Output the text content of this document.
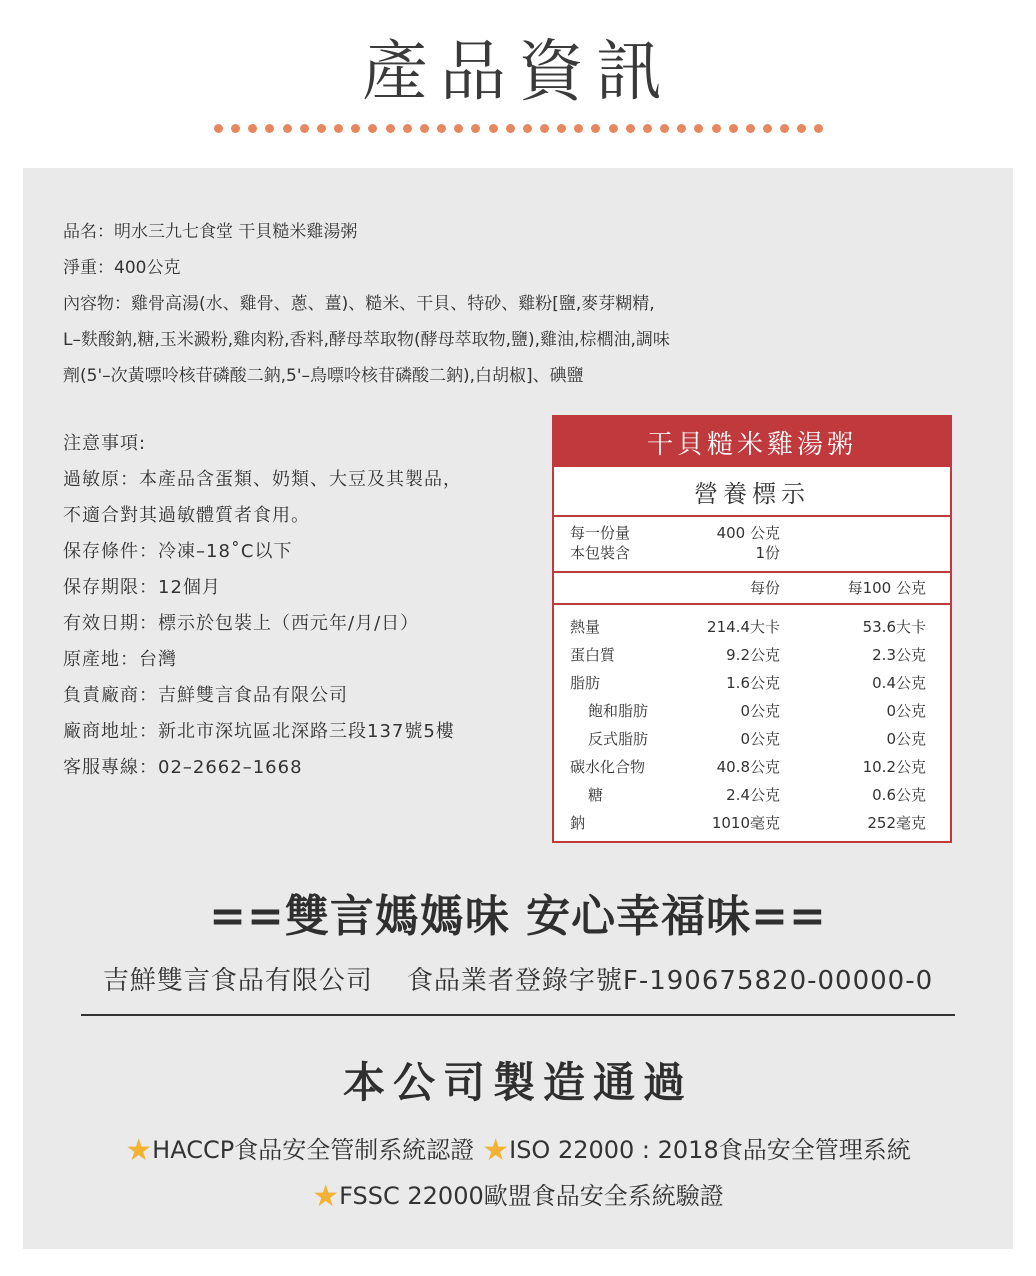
產品資訊
品名：明水三九七食堂 干貝糙米雞湯粥
淨重：400公克
內容物：雞骨高湯(水、雞骨、蔥、薑)、糙米、干貝、特砂、雞粉[鹽,麥芽糊精,
L–麩酸鈉,糖,玉米澱粉,雞肉粉,香料,酵母萃取物(酵母萃取物,鹽),雞油,棕櫚油,調味
劑(5'–次黃嘌呤核苷磷酸二鈉,5'–鳥嘌呤核苷磷酸二鈉),白胡椒]、碘鹽
注意事項:
過敏原：本產品含蛋類、奶類、大豆及其製品，
不適合對其過敏體質者食用。
保存條件：冷凍–18˚C以下
保存期限：12個月
有效日期：標示於包裝上（西元年/月/日）
原產地：台灣
負責廠商：吉鮮雙言食品有限公司
廠商地址：新北市深坑區北深路三段137號5樓
客服專線：02–2662–1668
干貝糙米雞湯粥
營養標示
每一份量	400 公克
本包裝含	1份
每份	每100 公克
熱量	214.4大卡	53.6大卡
蛋白質	9.2公克	2.3公克
脂肪	1.6公克	0.4公克
飽和脂肪	0公克	0公克
反式脂肪	0公克	0公克
碳水化合物	40.8公克	10.2公克
糖	2.4公克	0.6公克
鈉	1010毫克	252毫克
==雙言媽媽味 安心幸福味==
吉鮮雙言食品有限公司 食品業者登錄字號F-190675820-00000-0
本公司製造通過
★HACCP食品安全管制系統認證 ★ISO 22000 : 2018食品安全管理系統
★FSSC 22000歐盟食品安全系統驗證
